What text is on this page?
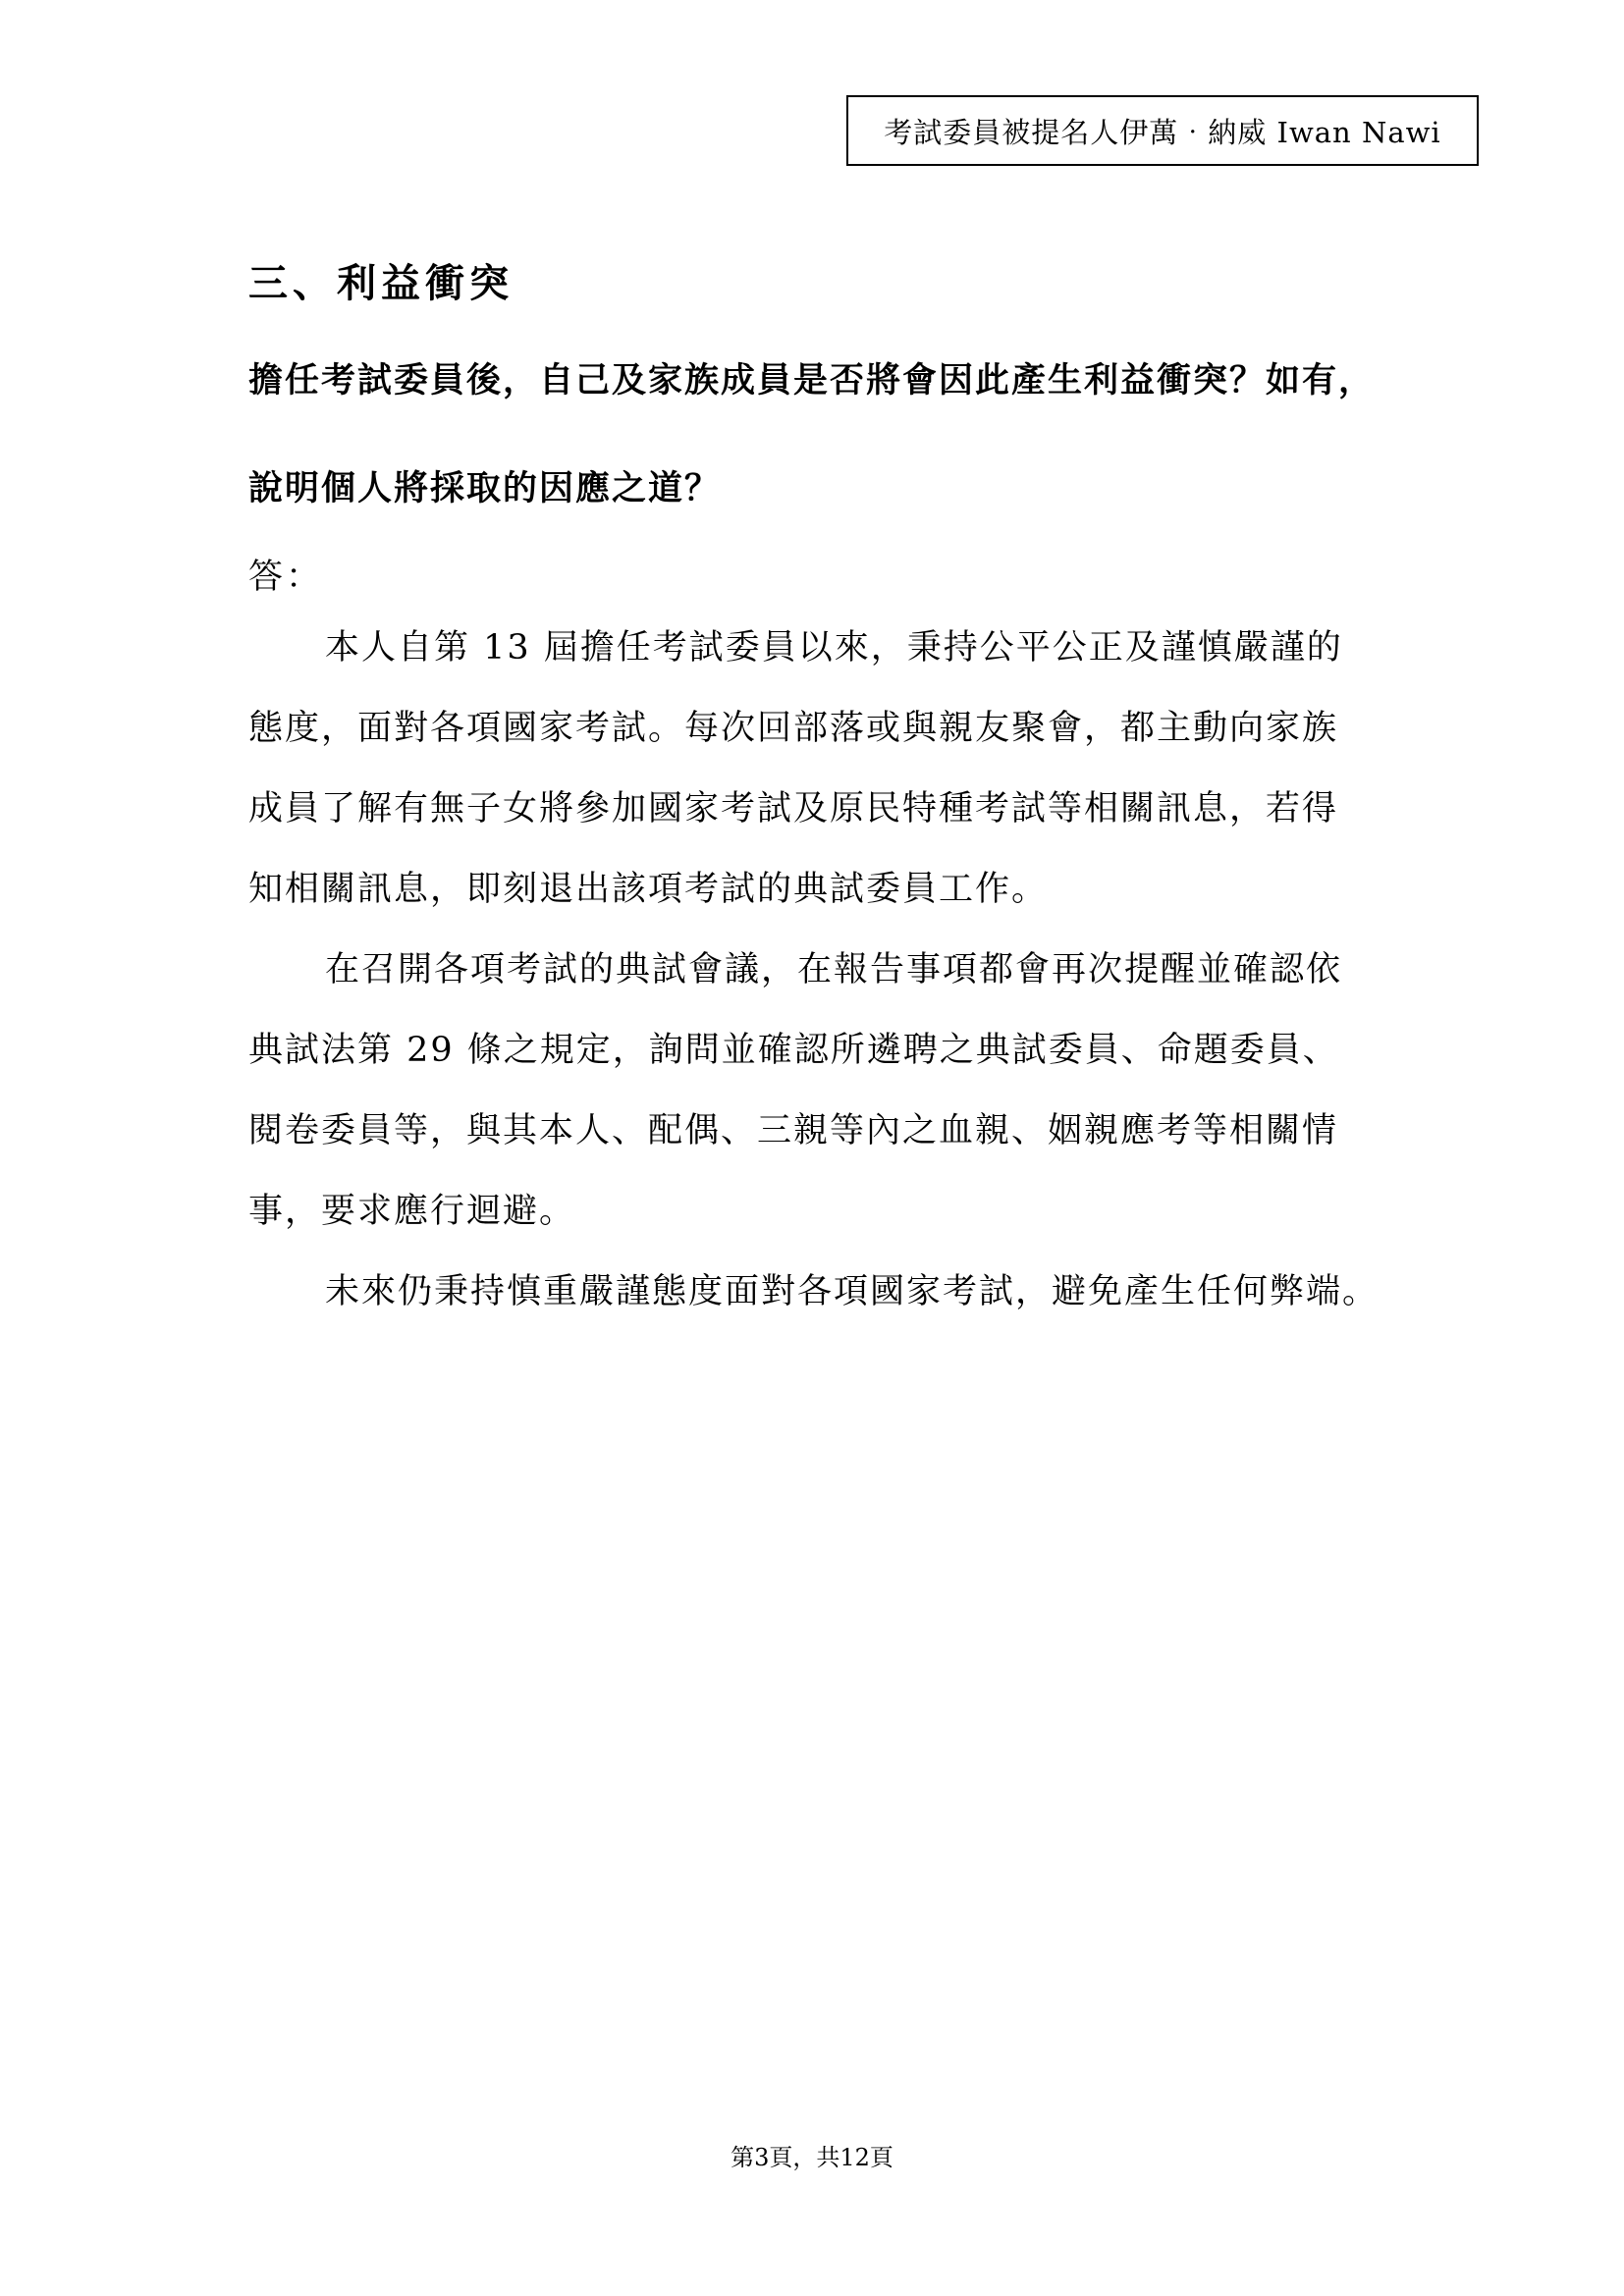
考試委員被提名人伊萬‧納威 Iwan Nawi
三、利益衝突
擔任考試委員後，自己及家族成員是否將會因此產生利益衝突？如有，
說明個人將採取的因應之道？
答：
本人自第 13 屆擔任考試委員以來，秉持公平公正及謹慎嚴謹的
態度，面對各項國家考試。每次回部落或與親友聚會，都主動向家族
成員了解有無子女將參加國家考試及原民特種考試等相關訊息，若得
知相關訊息，即刻退出該項考試的典試委員工作。
在召開各項考試的典試會議，在報告事項都會再次提醒並確認依
典試法第 29 條之規定，詢問並確認所遴聘之典試委員、命題委員、
閱卷委員等，與其本人、配偶、三親等內之血親、姻親應考等相關情
事，要求應行迴避。
未來仍秉持慎重嚴謹態度面對各項國家考試，避免產生任何弊端。
第3頁，共12頁
